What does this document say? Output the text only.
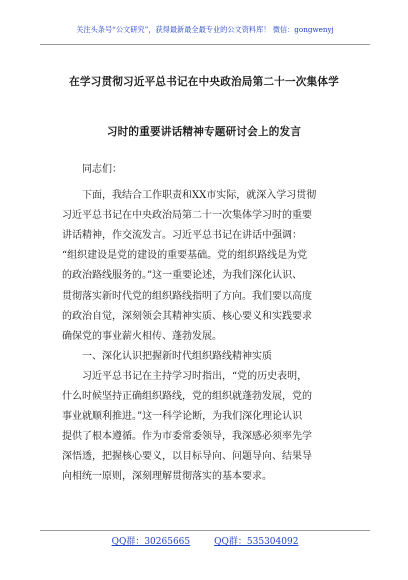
关注头条号“公文研究”，获得最新最全最专业的公文资料库！ 微信：gongwenyj
在学习贯彻习近平总书记在中央政治局第二十一次集体学
习时的重要讲话精神专题研讨会上的发言

同志们：

下面，我结合工作职责和XX市实际，就深入学习贯彻

习近平总书记在中央政治局第二十一次集体学习时的重要

讲话精神，作交流发言。习近平总书记在讲话中强调：

“组织建设是党的建设的重要基础。党的组织路线是为党

的政治路线服务的。”这一重要论述，为我们深化认识、

贯彻落实新时代党的组织路线指明了方向。我们要以高度

的政治自觉，深刻领会其精神实质、核心要义和实践要求

确保党的事业薪火相传、蓬勃发展。

一、深化认识把握新时代组织路线精神实质

习近平总书记在主持学习时指出，“党的历史表明，

什么时候坚持正确组织路线，党的组织就蓬勃发展，党的

事业就顺利推进。”这一科学论断，为我们深化理论认识

提供了根本遵循。作为市委常委领导，我深感必须率先学

深悟透，把握核心要义，以目标导向、问题导向、结果导

向相统一原则，深刻理解贯彻落实的基本要求。

QQ群：30265665	QQ群：535304092
